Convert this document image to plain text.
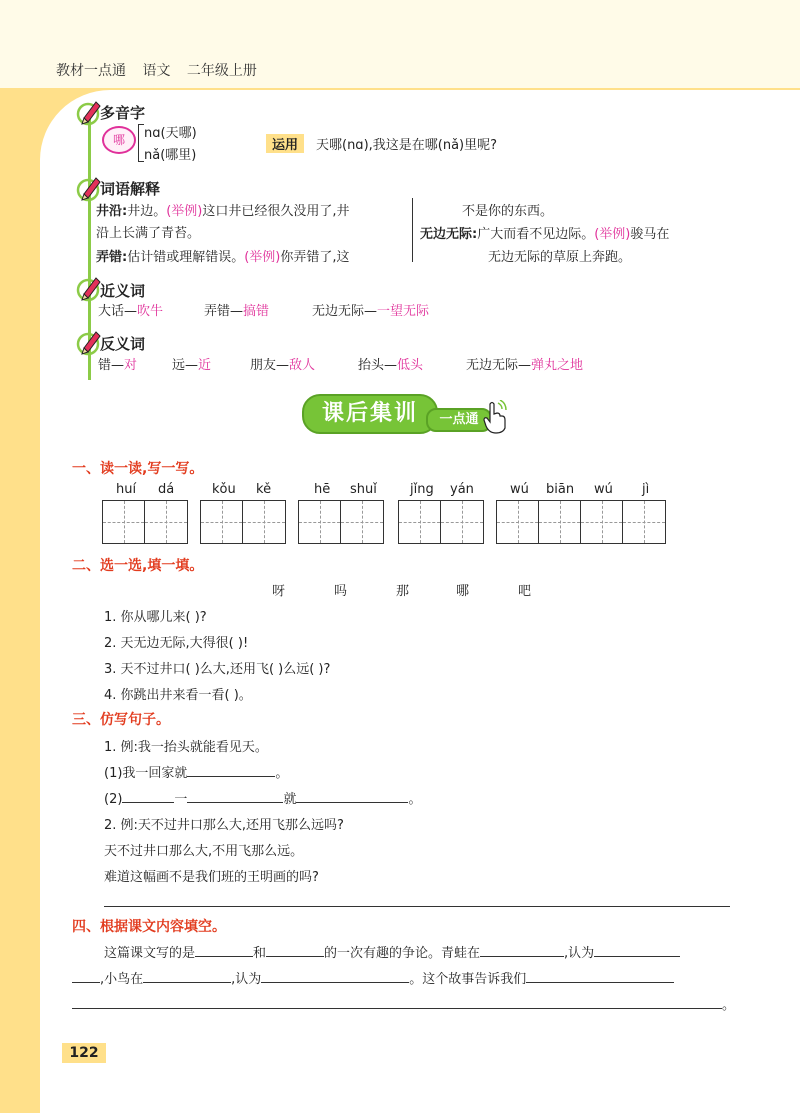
教材一点通 语文 二年级上册
多音字
哪	nɑ(天哪)
nǎ(哪里)
运用	天哪(nɑ),我这是在哪(nǎ)里呢?
词语解释
井沿:井边。(举例)这口井已经很久没用了,井
沿上长满了青苔。
弄错:估计错或理解错误。(举例)你弄错了,这
不是你的东西。
无边无际:广大而看不见边际。(举例)骏马在
无边无际的草原上奔跑。
近义词
大话—吹牛	弄错—搞错	无边无际—一望无际
反义词
错—对	远—近	朋友—敌人	抬头—低头	无边无际—弹丸之地
课后集训	一点通
一、读一读,写一写。
huí dá	kǒu kě	hē shuǐ	jǐng yán	wú biān wú jì
二、选一选,填一填。
呀	吗	那	哪	吧
1. 你从哪儿来( )?
2. 天无边无际,大得很( )!
3. 天不过井口( )么大,还用飞( )么远( )?
4. 你跳出井来看一看( )。
三、仿写句子。
1. 例:我一抬头就能看见天。
(1)我一回家就	。
(2)	一	就	。
2. 例:天不过井口那么大,还用飞那么远吗?
天不过井口那么大,不用飞那么远。
难道这幅画不是我们班的王明画的吗?
四、根据课文内容填空。
这篇课文写的是	和	的一次有趣的争论。青蛙在	,认为
,小鸟在	,认为	。这个故事告诉我们
。
122
